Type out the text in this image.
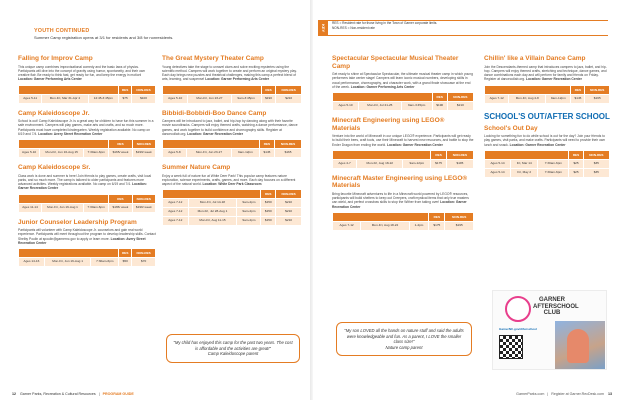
YOUTH CONTINUED
Summer Camp registration opens at 3/1 for residents and 3/8 for nonresidents.
KEY
RES = Resident rate for those living in the Town of Garner corporate limits.
NON-RES = Non-resident rate
Falling for Improv Camp
This unique camp combines improvisational comedy and the basic laws of physics. Participants will dive into the concept of gravity using humor, spontaneity, and their own creative flair. Be ready to think fast, get ready for fun, and keep the energy in motion! Location: Garner Performing Arts Center
			RES	NON-RES
Ages 5-11	Mon-Fri, Mar 31-Apr 4	12:45-3:45pm	$75	$100
Camp Kaleidoscope Jr.
School is out! Camp Kaleidoscope Jr. is a great way for children to have fun this summer in a safe environment. Campers will play games, make arts and crafts, and so much more. Participants must have completed kindergarten. Weekly registration available. No camp on 6/19 and 7/4. Location: Avery Street Recreation Center
			RES	NON-RES
Ages 5-10	Mon-Fri, Jun 16-Aug 15	7:30am-6pm	$165/ week	$199/ week
Camp Kaleidoscope Sr.
Class work is done and summer is here! Join friends to play games, create crafts, visit local parks, and so much more. The camp is tailored to older participants and features more advanced activities. Weekly registrations available. No camp on 6/19 and 7/4. Location: Garner Recreation Center
			RES	NON-RES
Ages 11-14	Mon-Fri, Jun 16-Aug 1	7:30am-6pm	$165/ week	$199/ week
Junior Counselor Leadership Program
Participants will volunteer with Camp Kaleidoscope Jr. counselors and gain real world experience. Participants will meet throughout the program to develop leadership skills. Contact Shelby Poulin at spoulin@garnernc.gov to apply or learn more. Location: Avery Street Recreation Center
			RES	NON-RES
Ages 14-16	Mon-Fri, Jun 16-Aug 1	7:30am-6pm	$50	$70
The Great Mystery Theater Camp
Young detectives take the stage to unravel clues and solve exciting mysteries using the scientific method. Campers will work together to create and perform an original mystery play. Each day brings new puzzles and theatrical challenges, making this camp a perfect blend of arts, learning, and suspense! Location: Garner Performing Arts Center
			RES	NON-RES
Ages 5-10	Mon-Fri, Jun 23-27	9am-3:45pm	$190	$210
Bibbidi-Bobbidi-Boo Dance Camp
Campers will be introduced to jazz, ballet, and hip-hop by dancing along with their favorite movie soundtracks. Campers will enjoy themed crafts, watching a dance performance, dance games, and work together to build confidence and choreography skills. Register at dancecollab.org. Location: Garner Recreation Center
			RES	NON-RES
Ages 5-8	Mon-Fri, Jun 23-27	9am-12pm	$145	$165
Summer Nature Camp
Enjoy a week full of nature fun at White Deer Park! This popular camp features nature exploration, science experiments, crafts, games, and more. Each day focuses on a different aspect of the natural world. Location: White Deer Park Classroom
			RES	NON-RES
Ages 7-12	Mon-Fri, Jul 14-18	9am-4pm	$150	$210
Ages 7-12	Mon-Fri, Jul 28-Aug 1	9am-4pm	$150	$210
Ages 7-12	Mon-Fri, Aug 11-15	9am-4pm	$150	$210
"My child has enjoyed this camp for the past two years. The cost is affordable and the activities are great!"
Camp Kaleidoscope parent
Spectacular Spectacular Musical Theater Camp
Get ready to shine at Spectacular Spectacular, the ultimate musical theater camp in which young performers take center stage! Campers will learn iconic musical numbers, developing skills in vocal performance, choreography, and character work, with a grand finale showcase at the end of the week. Location: Garner Performing Arts Center
			RES	NON-RES
Ages 5-10	Mon-Fri, Jul 21-25	9am-3:45pm	$190	$210
Minecraft Engineering using LEGO® Materials
Venture into the world of Minecraft in our unique LEGO® experience. Participants will get ready to build their bees, craft tools, use their Minecraft to harvest new resources, and battle to stop the Ender Dragon from ending the world. Location: Garner Recreation Center
			RES	NON-RES
Ages 4-7	Mon-Fri, Aug 18-22	9am-12pm	$175	$195
Minecraft Master Engineering using LEGO® Materials
Bring favorite Minecraft adventures to life in a Minecraft world powered by LEGO® resources, participants will build shelters to keep out Creepers, craft mystical items that only true masters can wield, and perfect crossbow skills to stop the Wither from taking over! Location: Garner Recreation Center
			RES	NON-RES
Ages 7-12	Mon-Fri, Aug 18-22	1-4pm	$175	$195
"My son LOVED all the hands on nature stuff and said the adults were knowledgeable and fun. As a parent, I LOVE the smaller class size!"
Nature camp parent
Chillin' like a Villain Dance Camp
Join the Descendants-themed camp that introduces campers to jazz, ballet, and hip-hop. Campers will enjoy themed crafts, stretching and technique, dance games, and dance combinations each day and will perform for family and friends on Friday. Register at dancecollab.org. Location: Garner Recreation Center
			RES	NON-RES
Ages 7-12	Mon-Fri, Aug 4-8	9am-12pm	$145	$165
SCHOOL'S OUT/AFTER SCHOOL
School's Out Day
Looking for something fun to do while school is out for the day? Join your friends to play games, visit parks, and make crafts. Participants will need to provide their own lunch and snack. Location: Garner Recreation Center
			RES	NON-RES
Ages 5-14	Fri, Mar 14	7:30am-6pm	$25	$35
Ages 5-14	Fri, May 2	7:30am-6pm	$25	$35
GARNER AFTERSCHOOL CLUB
GarnerNC.gov/Afterschool
12 Garner Parks, Recreation & Cultural Resources | PROGRAM GUIDE	GarnerParks.com | Register at Garner.RecDesk.com 13
